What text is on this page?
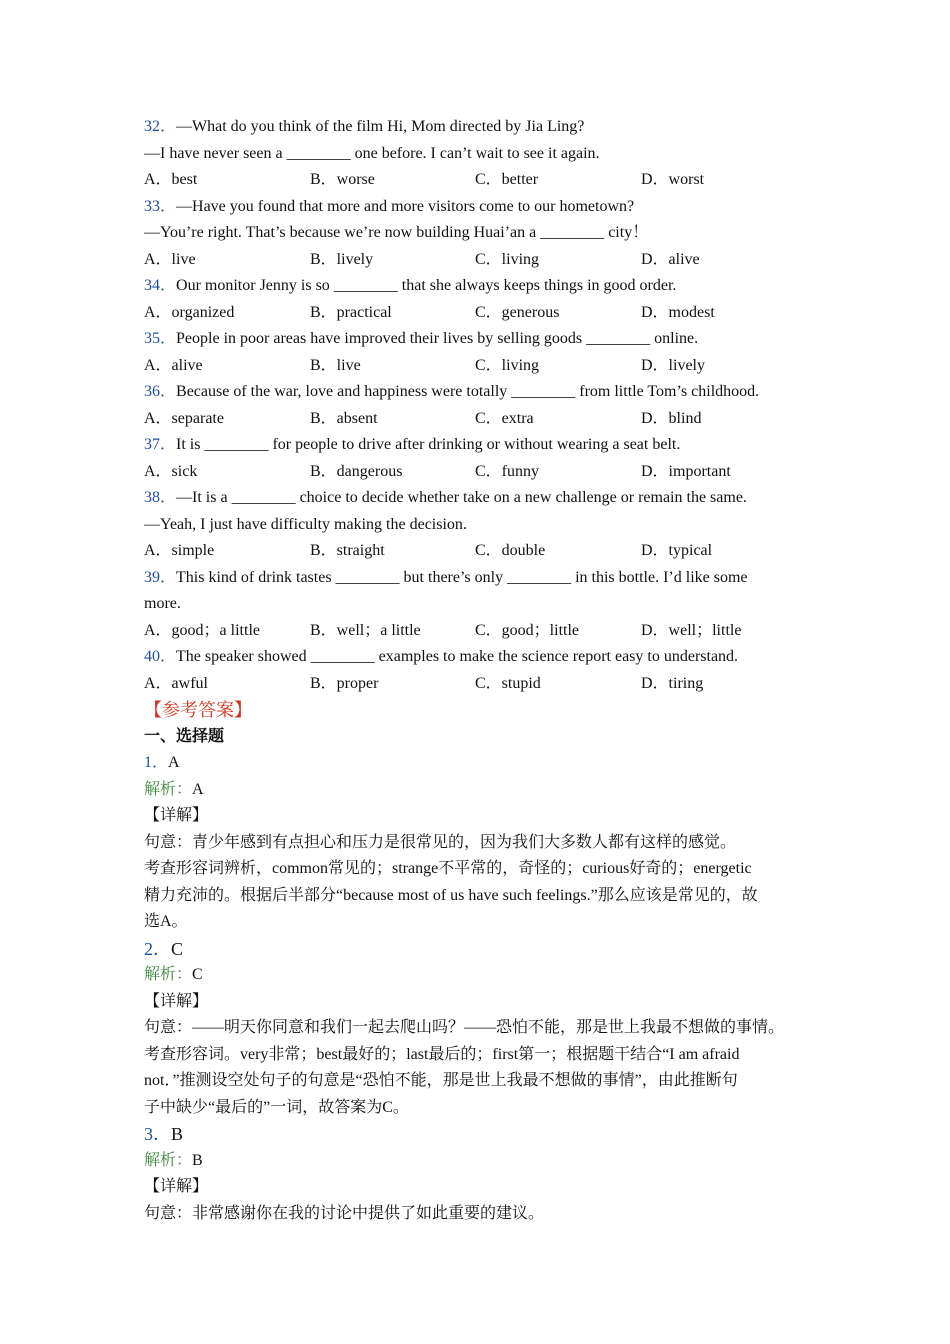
32．—What do you think of the film Hi, Mom directed by Jia Ling?
—I have never seen a ________ one before. I can’t wait to see it again.
A．best	B．worse	C．better	D．worst
33．—Have you found that more and more visitors come to our hometown?
—You’re right. That’s because we’re now building Huai’an a ________ city！
A．live	B．lively	C．living	D．alive
34．Our monitor Jenny is so ________ that she always keeps things in good order.
A．organized	B．practical	C．generous	D．modest
35．People in poor areas have improved their lives by selling goods ________ online.
A．alive	B．live	C．living	D．lively
36．Because of the war, love and happiness were totally ________ from little Tom’s childhood.
A．separate	B．absent	C．extra	D．blind
37．It is ________ for people to drive after drinking or without wearing a seat belt.
A．sick	B．dangerous	C．funny	D．important
38．—It is a ________ choice to decide whether take on a new challenge or remain the same.
—Yeah, I just have difficulty making the decision.
A．simple	B．straight	C．double	D．typical
39．This kind of drink tastes ________ but there’s only ________ in this bottle. I’d like some
more.
A．good；a little	B．well；a little	C．good；little	D．well；little
40．The speaker showed ________ examples to make the science report easy to understand.
A．awful	B．proper	C．stupid	D．tiring
【参考答案】
一、选择题
1．A
解析：A
【详解】
句意：青少年感到有点担心和压力是很常见的，因为我们大多数人都有这样的感觉。
考查形容词辨析，common常见的；strange不平常的，奇怪的；curious好奇的；energetic
精力充沛的。根据后半部分“because most of us have such feelings.”那么应该是常见的，故
选A。
2．C
解析：C
【详解】
句意：——明天你同意和我们一起去爬山吗？——恐怕不能，那是世上我最不想做的事情。
考查形容词。very非常；best最好的；last最后的；first第一；根据题干结合“I am afraid
not．”推测设空处句子的句意是“恐怕不能，那是世上我最不想做的事情”，由此推断句
子中缺少“最后的”一词，故答案为C。
3．B
解析：B
【详解】
句意：非常感谢你在我的讨论中提供了如此重要的建议。
